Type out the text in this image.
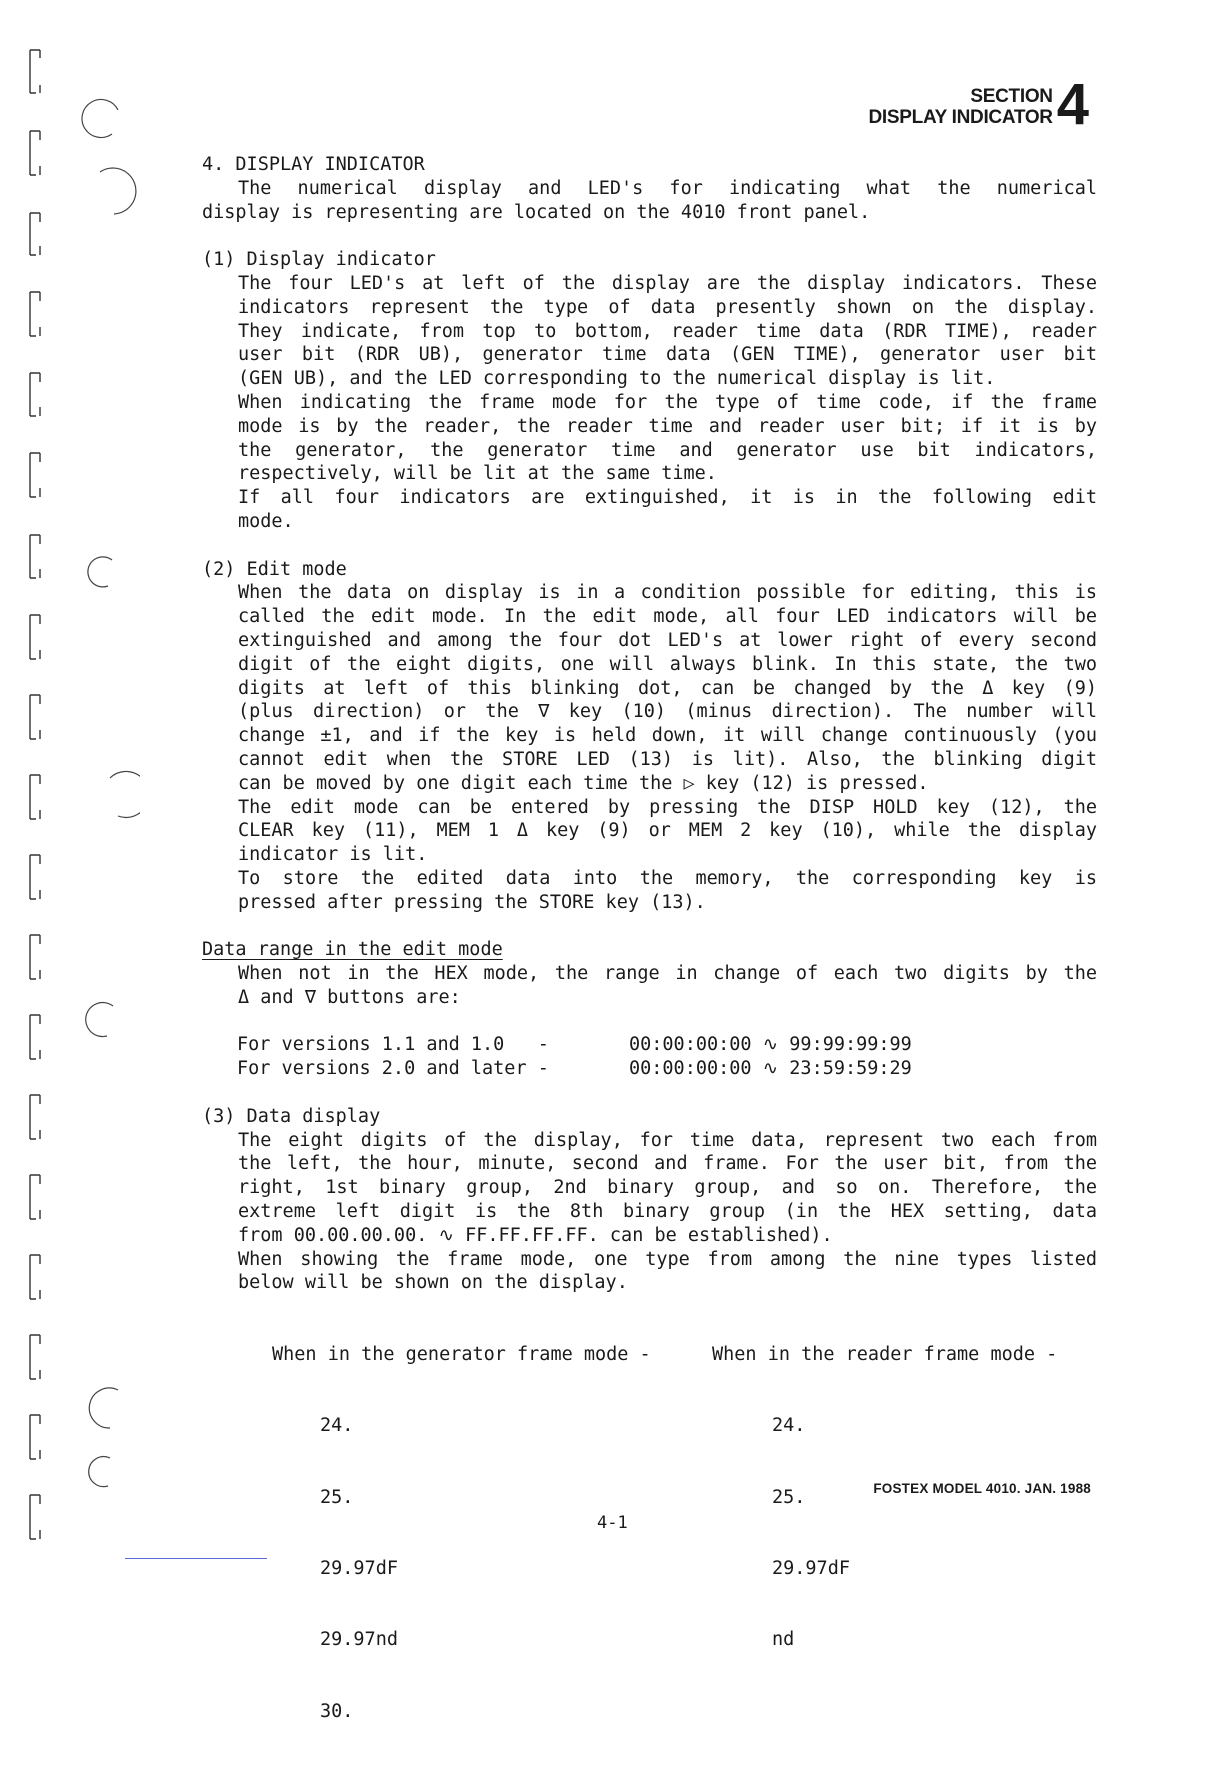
SECTION
DISPLAY INDICATOR 4
4. DISPLAY INDICATOR
The numerical display and LED's for indicating what the numerical
display is representing are located on the 4010 front panel.
(1) Display indicator
The four LED's at left of the display are the display indicators. These
indicators represent the type of data presently shown on the display.
They indicate, from top to bottom, reader time data (RDR TIME), reader
user bit (RDR UB), generator time data (GEN TIME), generator user bit
(GEN UB), and the LED corresponding to the numerical display is lit.
When indicating the frame mode for the type of time code, if the frame
mode is by the reader, the reader time and reader user bit; if it is by
the generator, the generator time and generator use bit indicators,
respectively, will be lit at the same time.
If all four indicators are extinguished, it is in the following edit
mode.
(2) Edit mode
When the data on display is in a condition possible for editing, this is
called the edit mode. In the edit mode, all four LED indicators will be
extinguished and among the four dot LED's at lower right of every second
digit of the eight digits, one will always blink. In this state, the two
digits at left of this blinking dot, can be changed by the Δ key (9)
(plus direction) or the ∇ key (10) (minus direction). The number will
change ±1, and if the key is held down, it will change continuously (you
cannot edit when the STORE LED (13) is lit). Also, the blinking digit
can be moved by one digit each time the ▷ key (12) is pressed.
The edit mode can be entered by pressing the DISP HOLD key (12), the
CLEAR key (11), MEM 1 Δ key (9) or MEM 2 key (10), while the display
indicator is lit.
To store the edited data into the memory, the corresponding key is
pressed after pressing the STORE key (13).
Data range in the edit mode
When not in the HEX mode, the range in change of each two digits by the
Δ and ∇ buttons are:
For versions 1.1 and 1.0   -	00:00:00:00 ∿ 99:99:99:99
For versions 2.0 and later -	00:00:00:00 ∿ 23:59:59:29
(3) Data display
The eight digits of the display, for time data, represent two each from
the left, the hour, minute, second and frame. For the user bit, from the
right, 1st binary group, 2nd binary group, and so on. Therefore, the
extreme left digit is the 8th binary group (in the HEX setting, data
from 00.00.00.00. ∿ FF.FF.FF.FF. can be established).
When showing the frame mode, one type from among the nine types listed
below will be shown on the display.

When in the generator frame mode -

24.

25.

29.97dF

29.97nd

30.

When in the reader frame mode -

24.

25.

29.97dF

nd

FOSTEX MODEL 4010. JAN. 1988
4-1
